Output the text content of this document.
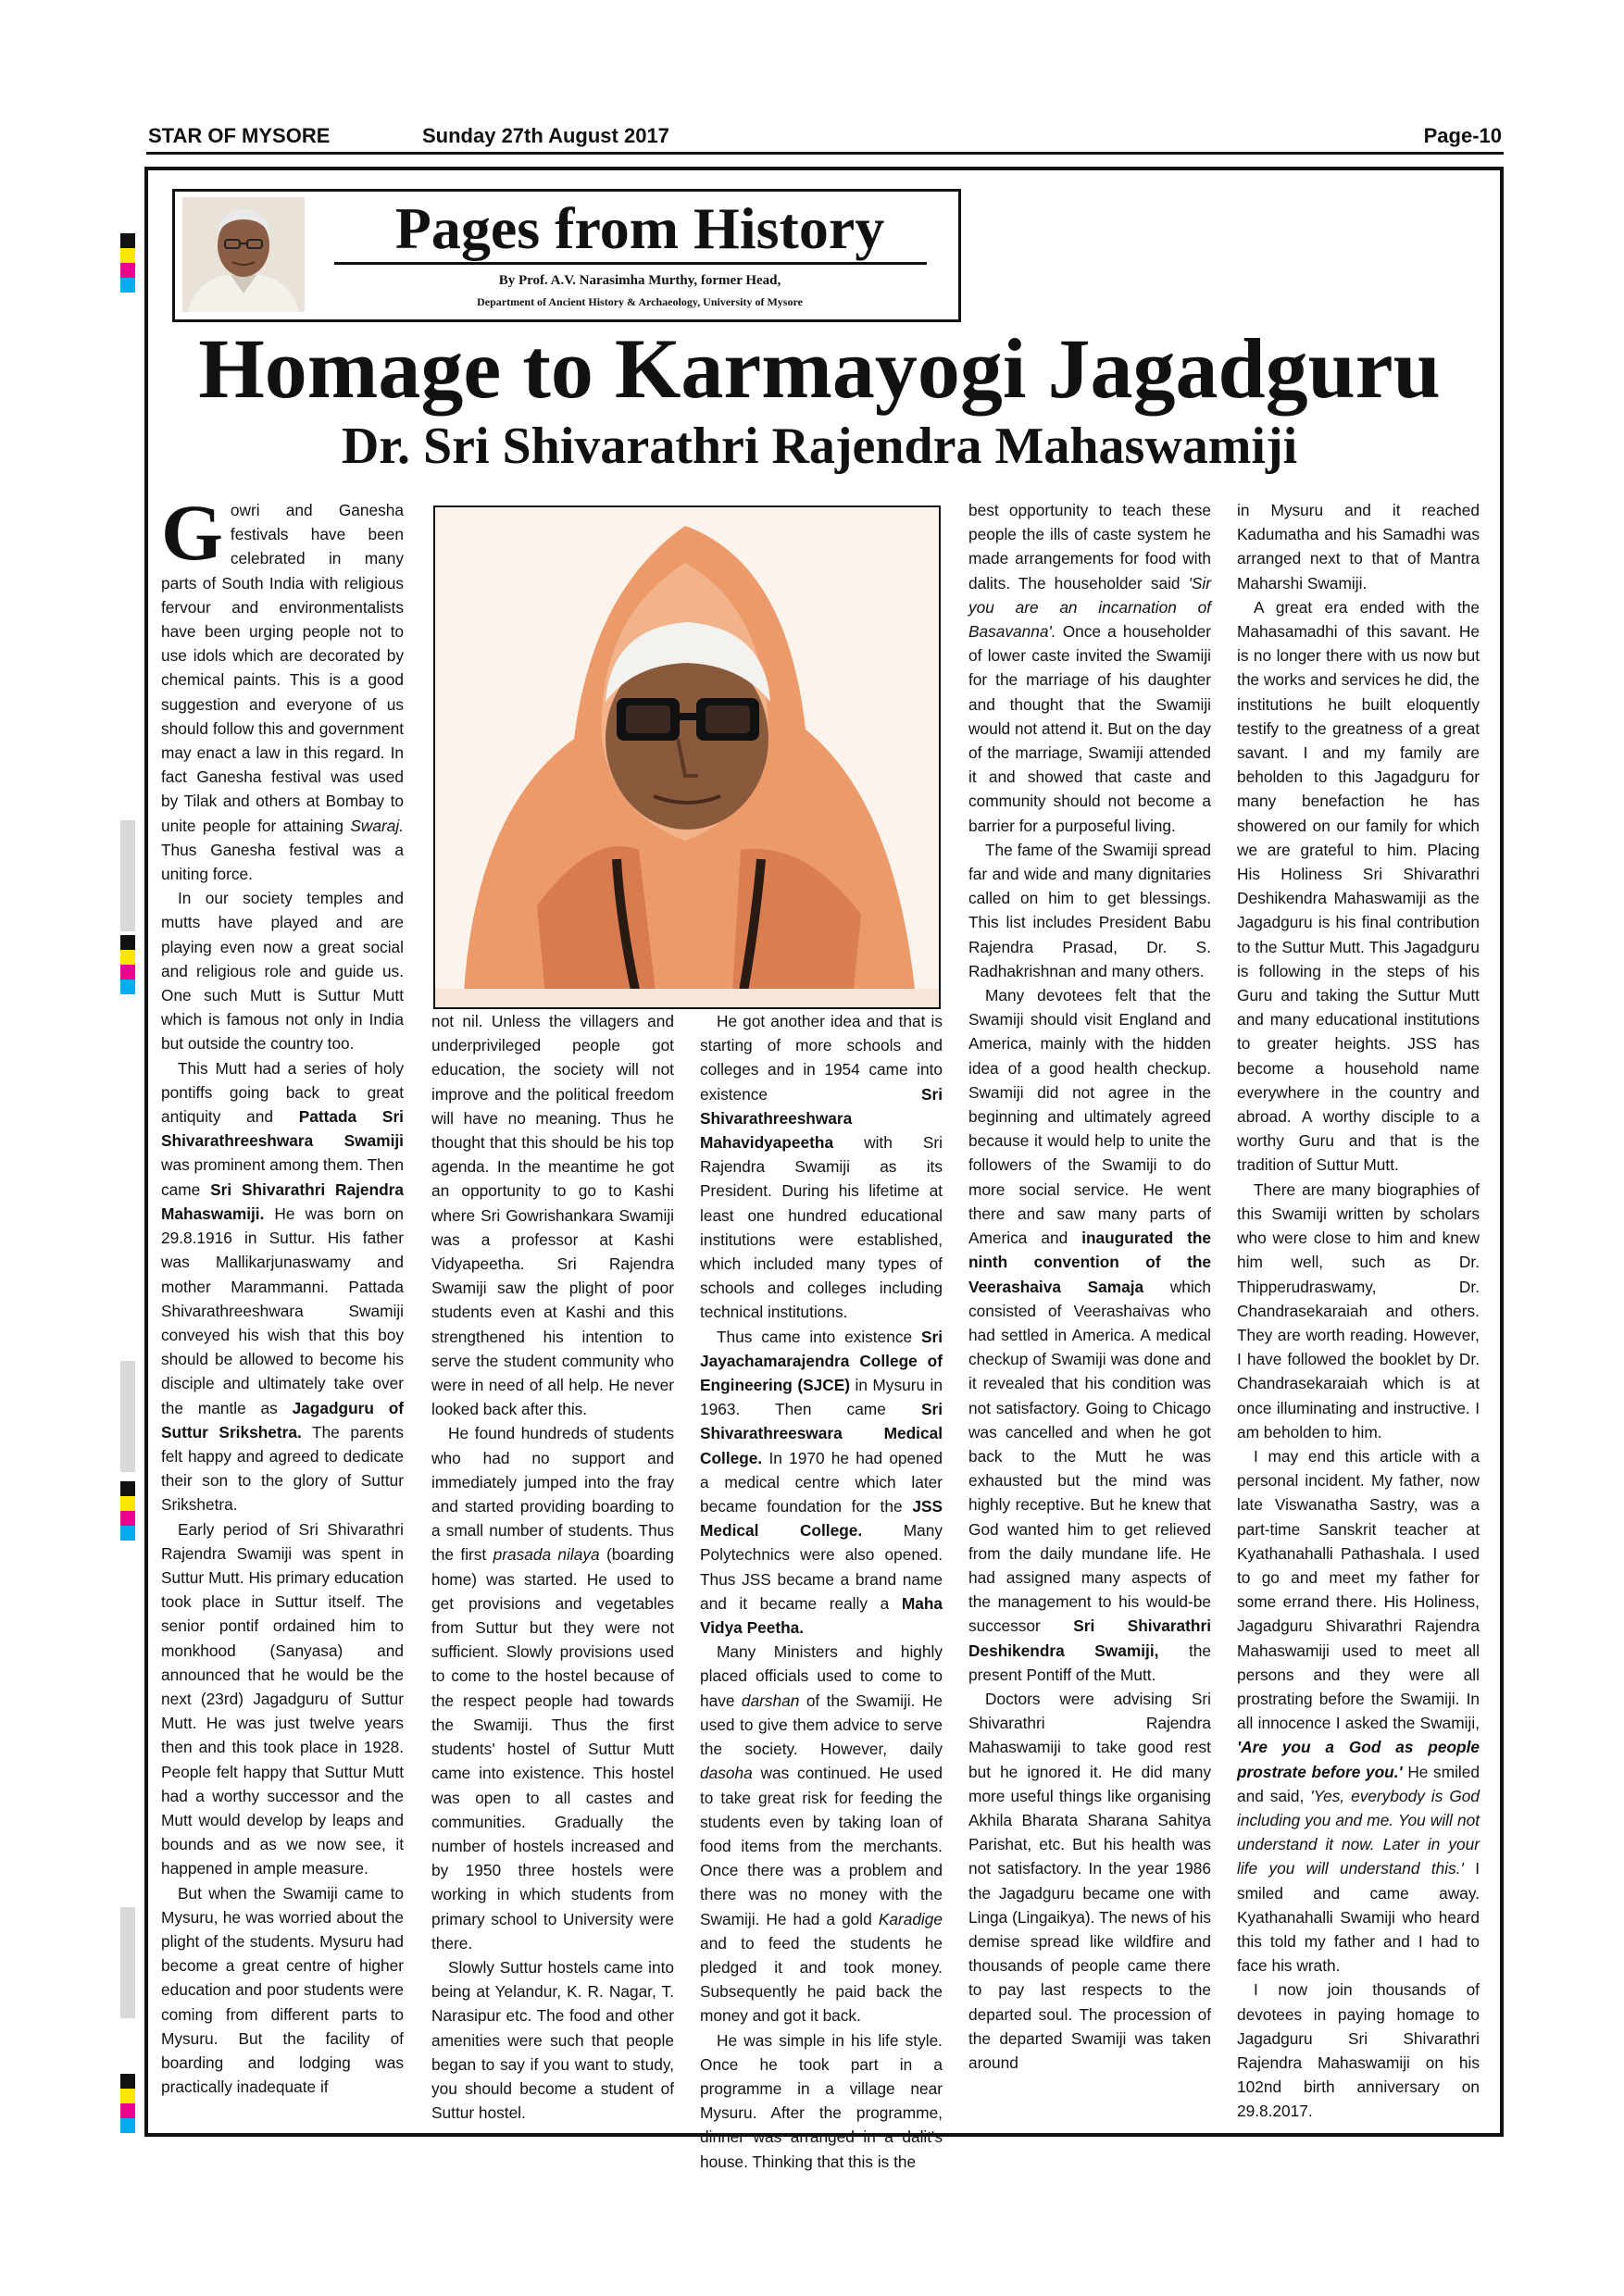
STAR OF MYSORE	Sunday 27th August 2017	Page-10
Pages from History
By Prof. A.V. Narasimha Murthy, former Head,
Department of Ancient History & Archaeology, University of Mysore
Homage to Karmayogi Jagadguru
Dr. Sri Shivarathri Rajendra Mahaswamiji

Gowri and Ganesha festivals have been celebrated in many parts of South India with religious fervour and environmentalists have been urging people not to use idols which are decorated by chemical paints. This is a good suggestion and everyone of us should follow this and government may enact a law in this regard. In fact Ganesha festival was used by Tilak and others at Bombay to unite people for attaining Swaraj. Thus Ganesha festival was a uniting force.

In our society temples and mutts have played and are playing even now a great social and religious role and guide us. One such Mutt is Suttur Mutt which is famous not only in India but outside the country too.

This Mutt had a series of holy pontiffs going back to great antiquity and Pattada Sri Shivarathreeshwara Swamiji was prominent among them. Then came Sri Shivarathri Rajendra Mahaswamiji. He was born on 29.8.1916 in Suttur. His father was Mallikarjunaswamy and mother Marammanni. Pattada Shivarathreeshwara Swamiji conveyed his wish that this boy should be allowed to become his disciple and ultimately take over the mantle as Jagadguru of Suttur Srikshetra. The parents felt happy and agreed to dedicate their son to the glory of Suttur Srikshetra.

Early period of Sri Shivarathri Rajendra Swamiji was spent in Suttur Mutt. His primary education took place in Suttur itself. The senior pontif ordained him to monkhood (Sanyasa) and announced that he would be the next (23rd) Jagadguru of Suttur Mutt. He was just twelve years then and this took place in 1928. People felt happy that Suttur Mutt had a worthy successor and the Mutt would develop by leaps and bounds and as we now see, it happened in ample measure.

But when the Swamiji came to Mysuru, he was worried about the plight of the students. Mysuru had become a great centre of higher education and poor students were coming from different parts to Mysuru. But the facility of boarding and lodging was practically inadequate if

not nil. Unless the villagers and underprivileged people got education, the society will not improve and the political freedom will have no meaning. Thus he thought that this should be his top agenda. In the meantime he got an opportunity to go to Kashi where Sri Gowrishankara Swamiji was a professor at Kashi Vidyapeetha. Sri Rajendra Swamiji saw the plight of poor students even at Kashi and this strengthened his intention to serve the student community who were in need of all help. He never looked back after this.

He found hundreds of students who had no support and immediately jumped into the fray and started providing boarding to a small number of students. Thus the first prasada nilaya (boarding home) was started. He used to get provisions and vegetables from Suttur but they were not sufficient. Slowly provisions used to come to the hostel because of the respect people had towards the Swamiji. Thus the first students' hostel of Suttur Mutt came into existence. This hostel was open to all castes and communities. Gradually the number of hostels increased and by 1950 three hostels were working in which students from primary school to University were there.

Slowly Suttur hostels came into being at Yelandur, K. R. Nagar, T. Narasipur etc. The food and other amenities were such that people began to say if you want to study, you should become a student of Suttur hostel.

He got another idea and that is starting of more schools and colleges and in 1954 came into existence	Sri Shivarathreeshwara Mahavidyapeetha with Sri Rajendra Swamiji as its President. During his lifetime at least one hundred educational institutions were established, which included many types of schools and colleges including technical institutions.

Thus came into existence Sri Jayachamarajendra College of Engineering (SJCE) in Mysuru in 1963. Then came Sri Shivarathreeswara Medical College. In 1970 he had opened a medical centre which later became foundation for the JSS Medical College.	Many Polytechnics were also opened. Thus JSS became a brand name and it became really a Maha Vidya Peetha.

Many Ministers and highly placed officials used to come to have darshan of the Swamiji. He used to give them advice to serve the society. However, daily dasoha was continued. He used to take great risk for feeding the students even by taking loan of food items from the merchants. Once there was a problem and there was no money with the Swamiji. He had a gold Karadige and to feed the students he pledged it and took money. Subsequently he paid back the money and got it back.

He was simple in his life style. Once he took part in a programme in a village near Mysuru. After the programme, dinner was arranged in a dalit's house. Thinking that this is the

best opportunity to teach these people the ills of caste system he made arrangements for food with dalits. The householder said 'Sir you are an incarnation of Basavanna'. Once a householder of lower caste invited the Swamiji for the marriage of his daughter and thought that the Swamiji would not attend it. But on the day of the marriage, Swamiji attended it and showed that caste and community should not become a barrier for a purposeful living.

The fame of the Swamiji spread far and wide and many dignitaries called on him to get blessings. This list includes President Babu Rajendra Prasad, Dr. S. Radhakrishnan and many others.

Many devotees felt that the Swamiji should visit England and America, mainly with the hidden idea of a good health checkup. Swamiji did not agree in the beginning and ultimately agreed because it would help to unite the followers of the Swamiji to do more social service. He went there and saw many parts of America and inaugurated the ninth convention of the Veerashaiva Samaja which consisted of Veerashaivas who had settled in America. A medical checkup of Swamiji was done and it revealed that his condition was not satisfactory. Going to Chicago was cancelled and when he got back to the Mutt he was exhausted but the mind was highly receptive. But he knew that God wanted him to get relieved from the daily mundane life. He had assigned many aspects of the management to his would-be successor Sri Shivarathri Deshikendra Swamiji, the present Pontiff of the Mutt.

Doctors were advising Sri Shivarathri Rajendra Mahaswamiji to take good rest but he ignored it. He did many more useful things like organising Akhila Bharata Sharana Sahitya Parishat, etc. But his health was not satisfactory. In the year 1986 the Jagadguru became one with Linga (Lingaikya). The news of his demise spread like wildfire and thousands of people came there to pay last respects to the departed soul. The procession of the departed Swamiji was taken around

in Mysuru and it reached Kadumatha and his Samadhi was arranged next to that of Mantra Maharshi Swamiji.

A great era ended with the Mahasamadhi of this savant. He is no longer there with us now but the works and services he did, the institutions he built eloquently testify to the greatness of a great savant. I and my family are beholden to this Jagadguru for many benefaction he has showered on our family for which we are grateful to him. Placing His Holiness Sri Shivarathri Deshikendra Mahaswamiji as the Jagadguru is his final contribution to the Suttur Mutt. This Jagadguru is following in the steps of his Guru and taking the Suttur Mutt and many educational institutions to greater heights. JSS has become a household name everywhere in the country and abroad. A worthy disciple to a worthy Guru and that is the tradition of Suttur Mutt.

There are many biographies of this Swamiji written by scholars who were close to him and knew him well, such as Dr. Thipperudraswamy, Dr. Chandrasekaraiah and others. They are worth reading. However, I have followed the booklet by Dr. Chandrasekaraiah which is at once illuminating and instructive. I am beholden to him.

I may end this article with a personal incident. My father, now late Viswanatha Sastry, was a part-time Sanskrit teacher at Kyathanahalli Pathashala. I used to go and meet my father for some errand there. His Holiness, Jagadguru Shivarathri Rajendra Mahaswamiji used to meet all persons and they were all prostrating before the Swamiji. In all innocence I asked the Swamiji, 'Are you a God as people prostrate before you.' He smiled and said, 'Yes, everybody is God including you and me. You will not understand it now. Later in your life you will understand this.' I smiled and came away. Kyathanahalli Swamiji who heard this told my father and I had to face his wrath.

I now join thousands of devotees in paying homage to Jagadguru Sri Shivarathri Rajendra Mahaswamiji on his 102nd birth anniversary on 29.8.2017.
